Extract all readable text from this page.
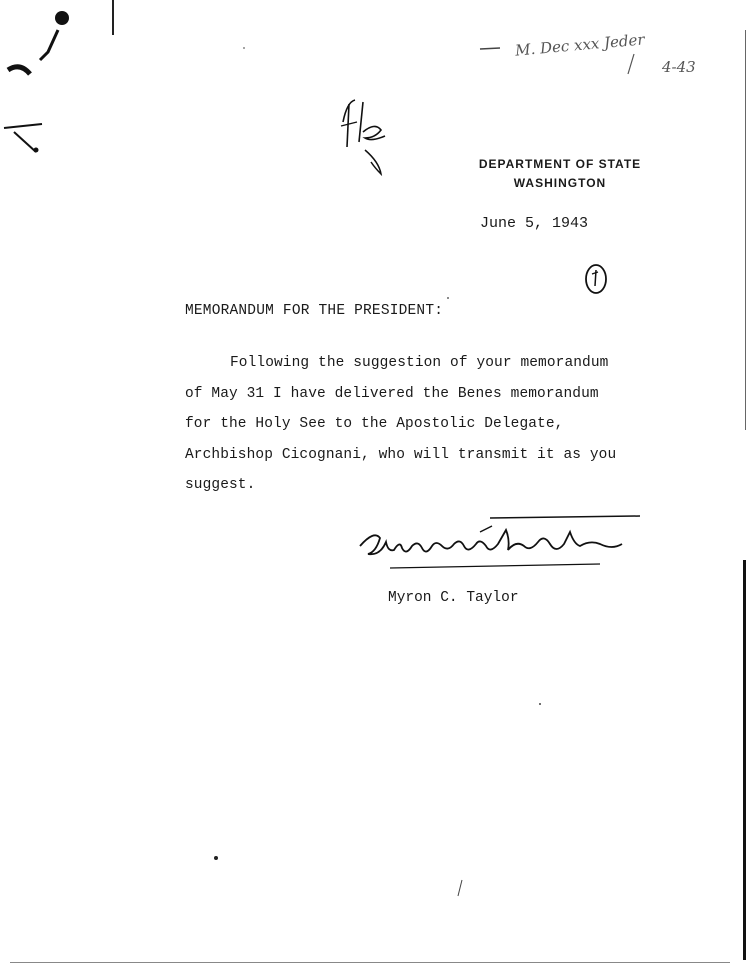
M. Dec xxx Jeder
4-43
DEPARTMENT OF STATE
WASHINGTON
June 5, 1943
MEMORANDUM FOR THE PRESIDENT:
Following the suggestion of your memorandum
of May 31 I have delivered the Benes memorandum
for the Holy See to the Apostolic Delegate,
Archbishop Cicognani, who will transmit it as you
suggest.
Myron C. Taylor
